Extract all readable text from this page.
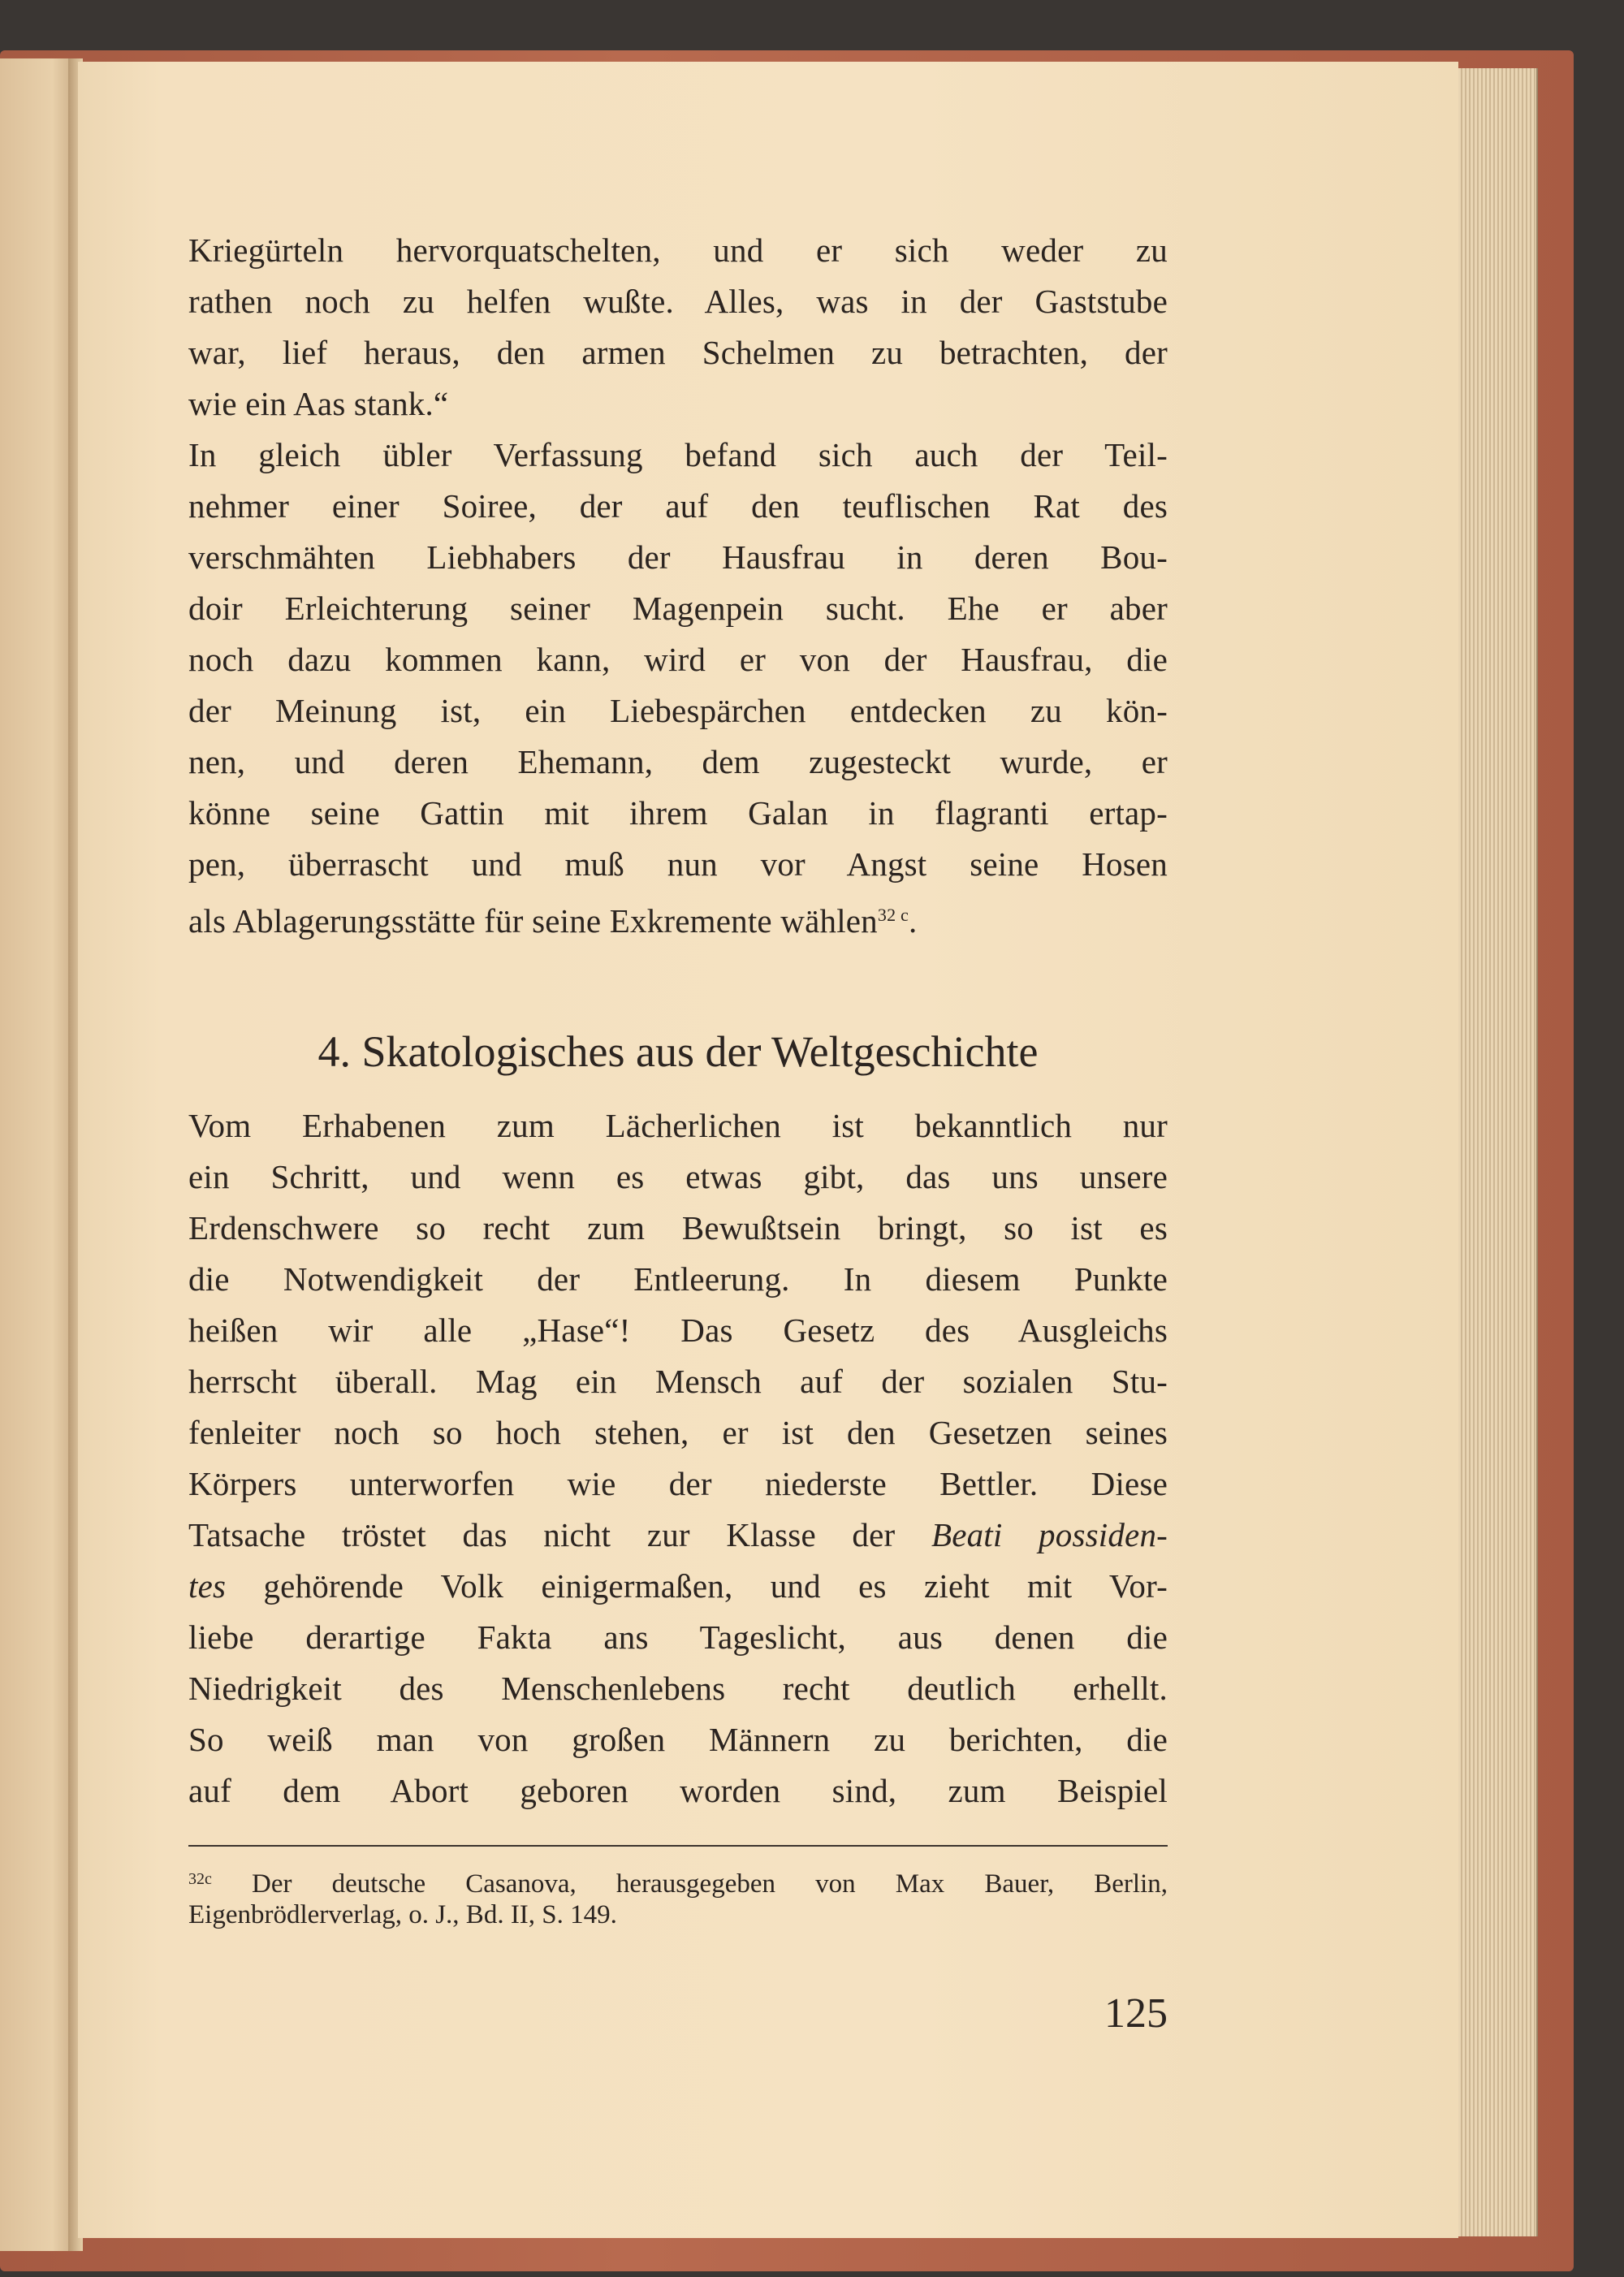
Kriegürteln hervorquatschelten, und er sich weder zu
rathen noch zu helfen wußte. Alles, was in der Gaststube
war, lief heraus, den armen Schelmen zu betrachten, der
wie ein Aas stank.“
In gleich übler Verfassung befand sich auch der Teil-
nehmer einer Soiree, der auf den teuflischen Rat des
verschmähten Liebhabers der Hausfrau in deren Bou-
doir Erleichterung seiner Magenpein sucht. Ehe er aber
noch dazu kommen kann, wird er von der Hausfrau, die
der Meinung ist, ein Liebespärchen entdecken zu kön-
nen, und deren Ehemann, dem zugesteckt wurde, er
könne seine Gattin mit ihrem Galan in flagranti ertap-
pen, überrascht und muß nun vor Angst seine Hosen
als Ablagerungsstätte für seine Exkremente wählen$^{32 c}$.
4. Skatologisches aus der Weltgeschichte
Vom Erhabenen zum Lächerlichen ist bekanntlich nur
ein Schritt, und wenn es etwas gibt, das uns unsere
Erdenschwere so recht zum Bewußtsein bringt, so ist es
die Notwendigkeit der Entleerung. In diesem Punkte
heißen wir alle „Hase“! Das Gesetz des Ausgleichs
herrscht überall. Mag ein Mensch auf der sozialen Stu-
fenleiter noch so hoch stehen, er ist den Gesetzen seines
Körpers unterworfen wie der niederste Bettler. Diese
Tatsache tröstet das nicht zur Klasse der Beati possiden-
tes gehörende Volk einigermaßen, und es zieht mit Vor-
liebe derartige Fakta ans Tageslicht, aus denen die
Niedrigkeit des Menschenlebens recht deutlich erhellt.
So weiß man von großen Männern zu berichten, die
auf dem Abort geboren worden sind, zum Beispiel
$^{32c}$ Der deutsche Casanova, herausgegeben von Max Bauer, Berlin,
Eigenbrödlerverlag, o. J., Bd. II, S. 149.
125
